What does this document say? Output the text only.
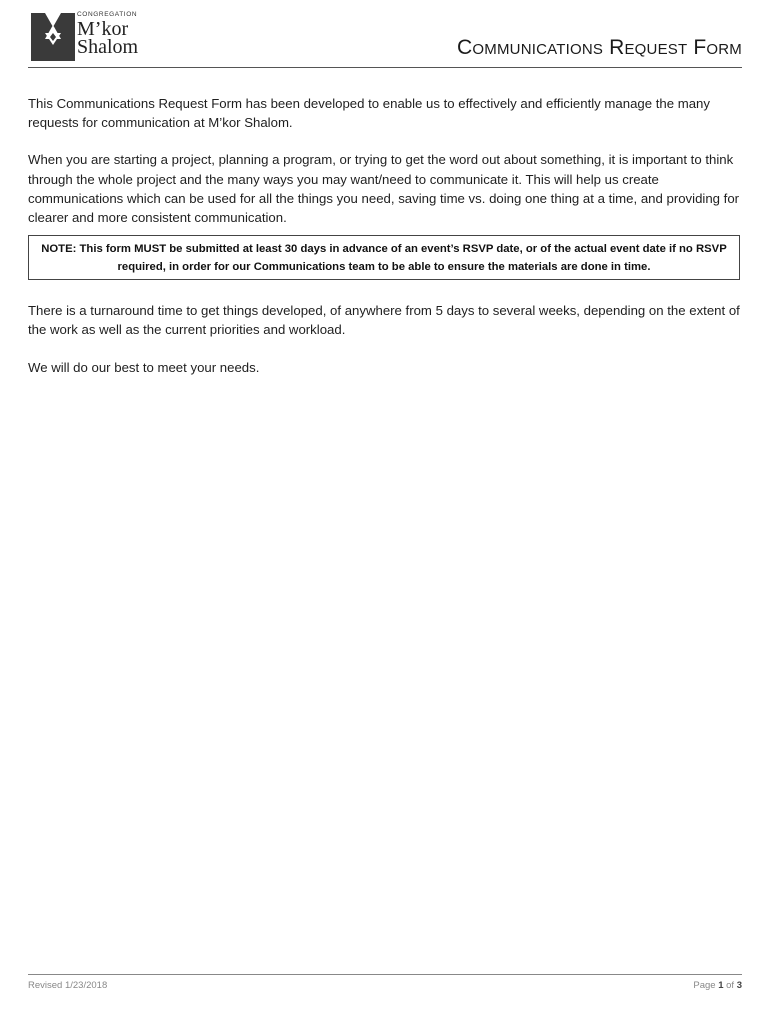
CONGREGATION
M’kor
Shalom	Communications Request Form

This Communications Request Form has been developed to enable us to effectively and efficiently manage the many requests for communication at M’kor Shalom.

When you are starting a project, planning a program, or trying to get the word out about something, it is important to think through the whole project and the many ways you may want/need to communicate it. This will help us create communications which can be used for all the things you need, saving time vs. doing one thing at a time, and providing for clearer and more consistent communication.

NOTE: This form MUST be submitted at least 30 days in advance of an event’s RSVP date, or of the actual event date if no RSVP required, in order for our Communications team to be able to ensure the materials are done in time.

There is a turnaround time to get things developed, of anywhere from 5 days to several weeks, depending on the extent of the work as well as the current priorities and workload.

We will do our best to meet your needs.

Revised 1/23/2018	Page 1 of 3
